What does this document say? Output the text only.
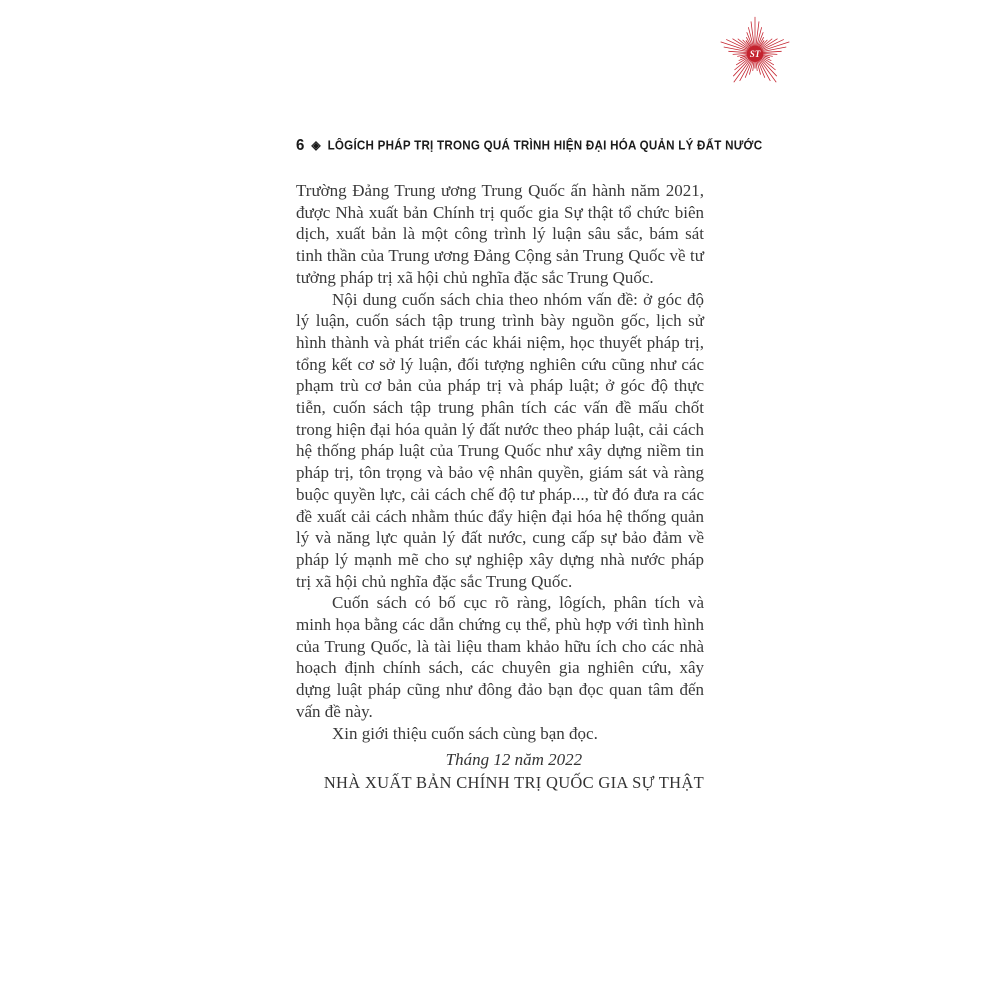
ST
6 ◈ LÔGÍCH PHÁP TRỊ TRONG QUÁ TRÌNH HIỆN ĐẠI HÓA QUẢN LÝ ĐẤT NƯỚC

Trường Đảng Trung ương Trung Quốc ấn hành năm 2021, được Nhà xuất bản Chính trị quốc gia Sự thật tổ chức biên dịch, xuất bản là một công trình lý luận sâu sắc, bám sát tinh thần của Trung ương Đảng Cộng sản Trung Quốc về tư tưởng pháp trị xã hội chủ nghĩa đặc sắc Trung Quốc.

Nội dung cuốn sách chia theo nhóm vấn đề: ở góc độ lý luận, cuốn sách tập trung trình bày nguồn gốc, lịch sử hình thành và phát triển các khái niệm, học thuyết pháp trị, tổng kết cơ sở lý luận, đối tượng nghiên cứu cũng như các phạm trù cơ bản của pháp trị và pháp luật; ở góc độ thực tiễn, cuốn sách tập trung phân tích các vấn đề mấu chốt trong hiện đại hóa quản lý đất nước theo pháp luật, cải cách hệ thống pháp luật của Trung Quốc như xây dựng niềm tin pháp trị, tôn trọng và bảo vệ nhân quyền, giám sát và ràng buộc quyền lực, cải cách chế độ tư pháp..., từ đó đưa ra các đề xuất cải cách nhằm thúc đẩy hiện đại hóa hệ thống quản lý và năng lực quản lý đất nước, cung cấp sự bảo đảm về pháp lý mạnh mẽ cho sự nghiệp xây dựng nhà nước pháp trị xã hội chủ nghĩa đặc sắc Trung Quốc.

Cuốn sách có bố cục rõ ràng, lôgích, phân tích và minh họa bằng các dẫn chứng cụ thể, phù hợp với tình hình của Trung Quốc, là tài liệu tham khảo hữu ích cho các nhà hoạch định chính sách, các chuyên gia nghiên cứu, xây dựng luật pháp cũng như đông đảo bạn đọc quan tâm đến vấn đề này.

Xin giới thiệu cuốn sách cùng bạn đọc.

Tháng 12 năm 2022
NHÀ XUẤT BẢN CHÍNH TRỊ QUỐC GIA SỰ THẬT
